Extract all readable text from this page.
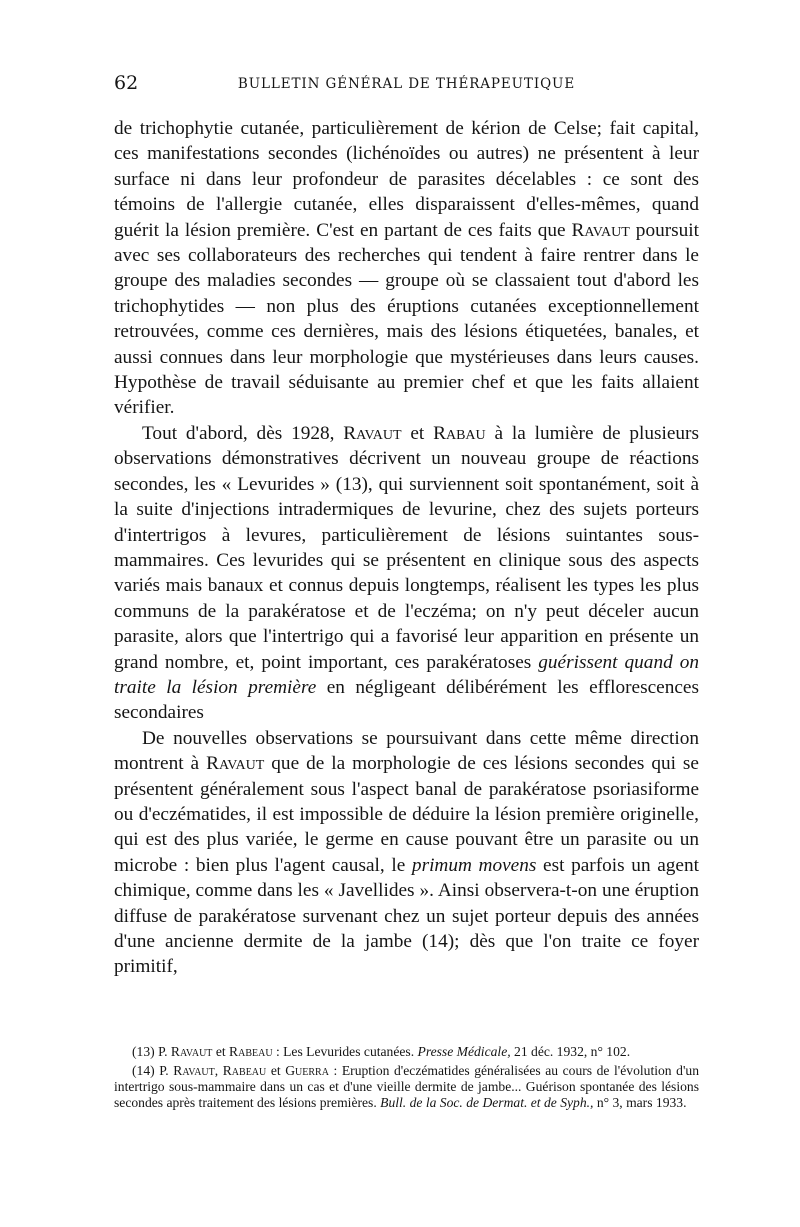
62	BULLETIN GÉNÉRAL DE THÉRAPEUTIQUE

de trichophytie cutanée, particulièrement de kérion de Celse; fait capital, ces manifestations secondes (lichénoïdes ou autres) ne présentent à leur surface ni dans leur profondeur de parasites décelables : ce sont des témoins de l'allergie cutanée, elles disparaissent d'elles-mêmes, quand guérit la lésion première. C'est en partant de ces faits que Ravaut poursuit avec ses collaborateurs des recherches qui tendent à faire rentrer dans le groupe des maladies secondes — groupe où se classaient tout d'abord les trichophytides — non plus des éruptions cutanées exceptionnellement retrouvées, comme ces dernières, mais des lésions étiquetées, banales, et aussi connues dans leur morphologie que mystérieuses dans leurs causes. Hypothèse de travail séduisante au premier chef et que les faits allaient vérifier.

Tout d'abord, dès 1928, Ravaut et Rabau à la lumière de plusieurs observations démonstratives décrivent un nouveau groupe de réactions secondes, les « Levurides » (13), qui surviennent soit spontanément, soit à la suite d'injections intradermiques de levurine, chez des sujets porteurs d'intertrigos à levures, particulièrement de lésions suintantes sous-mammaires. Ces levurides qui se présentent en clinique sous des aspects variés mais banaux et connus depuis longtemps, réalisent les types les plus communs de la parakératose et de l'eczéma; on n'y peut déceler aucun parasite, alors que l'intertrigo qui a favorisé leur apparition en présente un grand nombre, et, point important, ces parakératoses guérissent quand on traite la lésion première en négligeant délibérément les efflorescences secondaires

De nouvelles observations se poursuivant dans cette même direction montrent à Ravaut que de la morphologie de ces lésions secondes qui se présentent généralement sous l'aspect banal de parakératose psoriasiforme ou d'eczématides, il est impossible de déduire la lésion première originelle, qui est des plus variée, le germe en cause pouvant être un parasite ou un microbe : bien plus l'agent causal, le primum movens est parfois un agent chimique, comme dans les « Javellides ». Ainsi observera-t-on une éruption diffuse de parakératose survenant chez un sujet porteur depuis des années d'une ancienne dermite de la jambe (14); dès que l'on traite ce foyer primitif,

(13) P. Ravaut et Rabeau : Les Levurides cutanées. Presse Médicale, 21 déc. 1932, n° 102.

(14) P. Ravaut, Rabeau et Guerra : Eruption d'eczématides généralisées au cours de l'évolution d'un intertrigo sous-mammaire dans un cas et d'une vieille dermite de jambe... Guérison spontanée des lésions secondes après traitement des lésions premières. Bull. de la Soc. de Dermat. et de Syph., n° 3, mars 1933.
